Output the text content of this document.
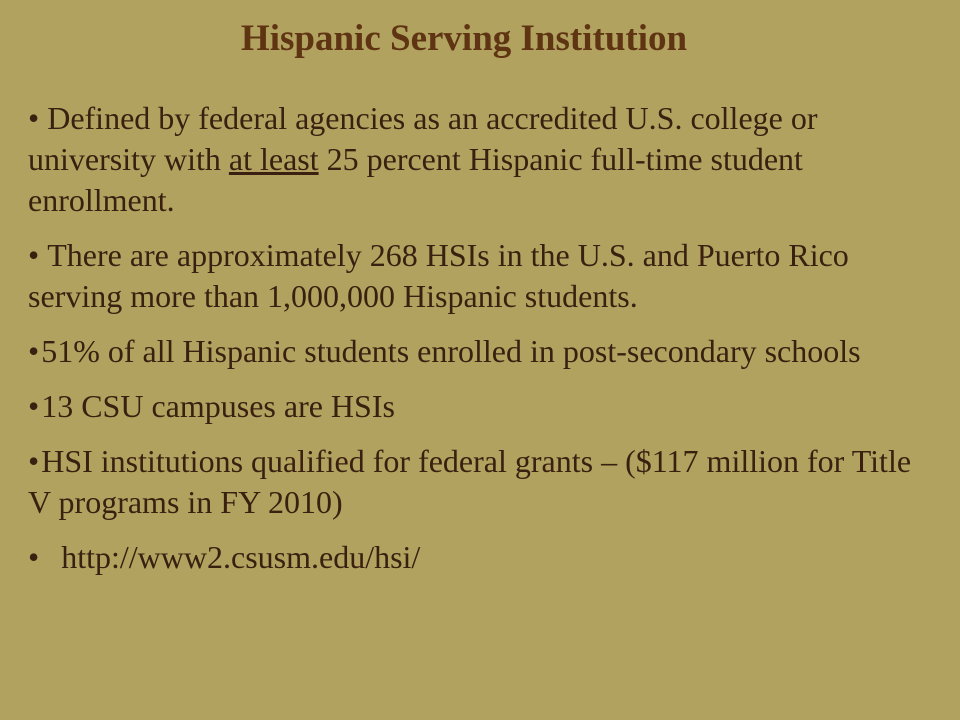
Hispanic Serving Institution
• Defined by federal agencies as an accredited U.S. college or university with at least 25 percent Hispanic full-time student enrollment.
• There are approximately 268 HSIs in the U.S. and Puerto Rico serving more than 1,000,000 Hispanic students.
•51% of all Hispanic students enrolled in post-secondary schools
•13 CSU campuses are HSIs
•HSI institutions qualified for federal grants – ($117 million for Title V programs in FY 2010)
• http://www2.csusm.edu/hsi/
